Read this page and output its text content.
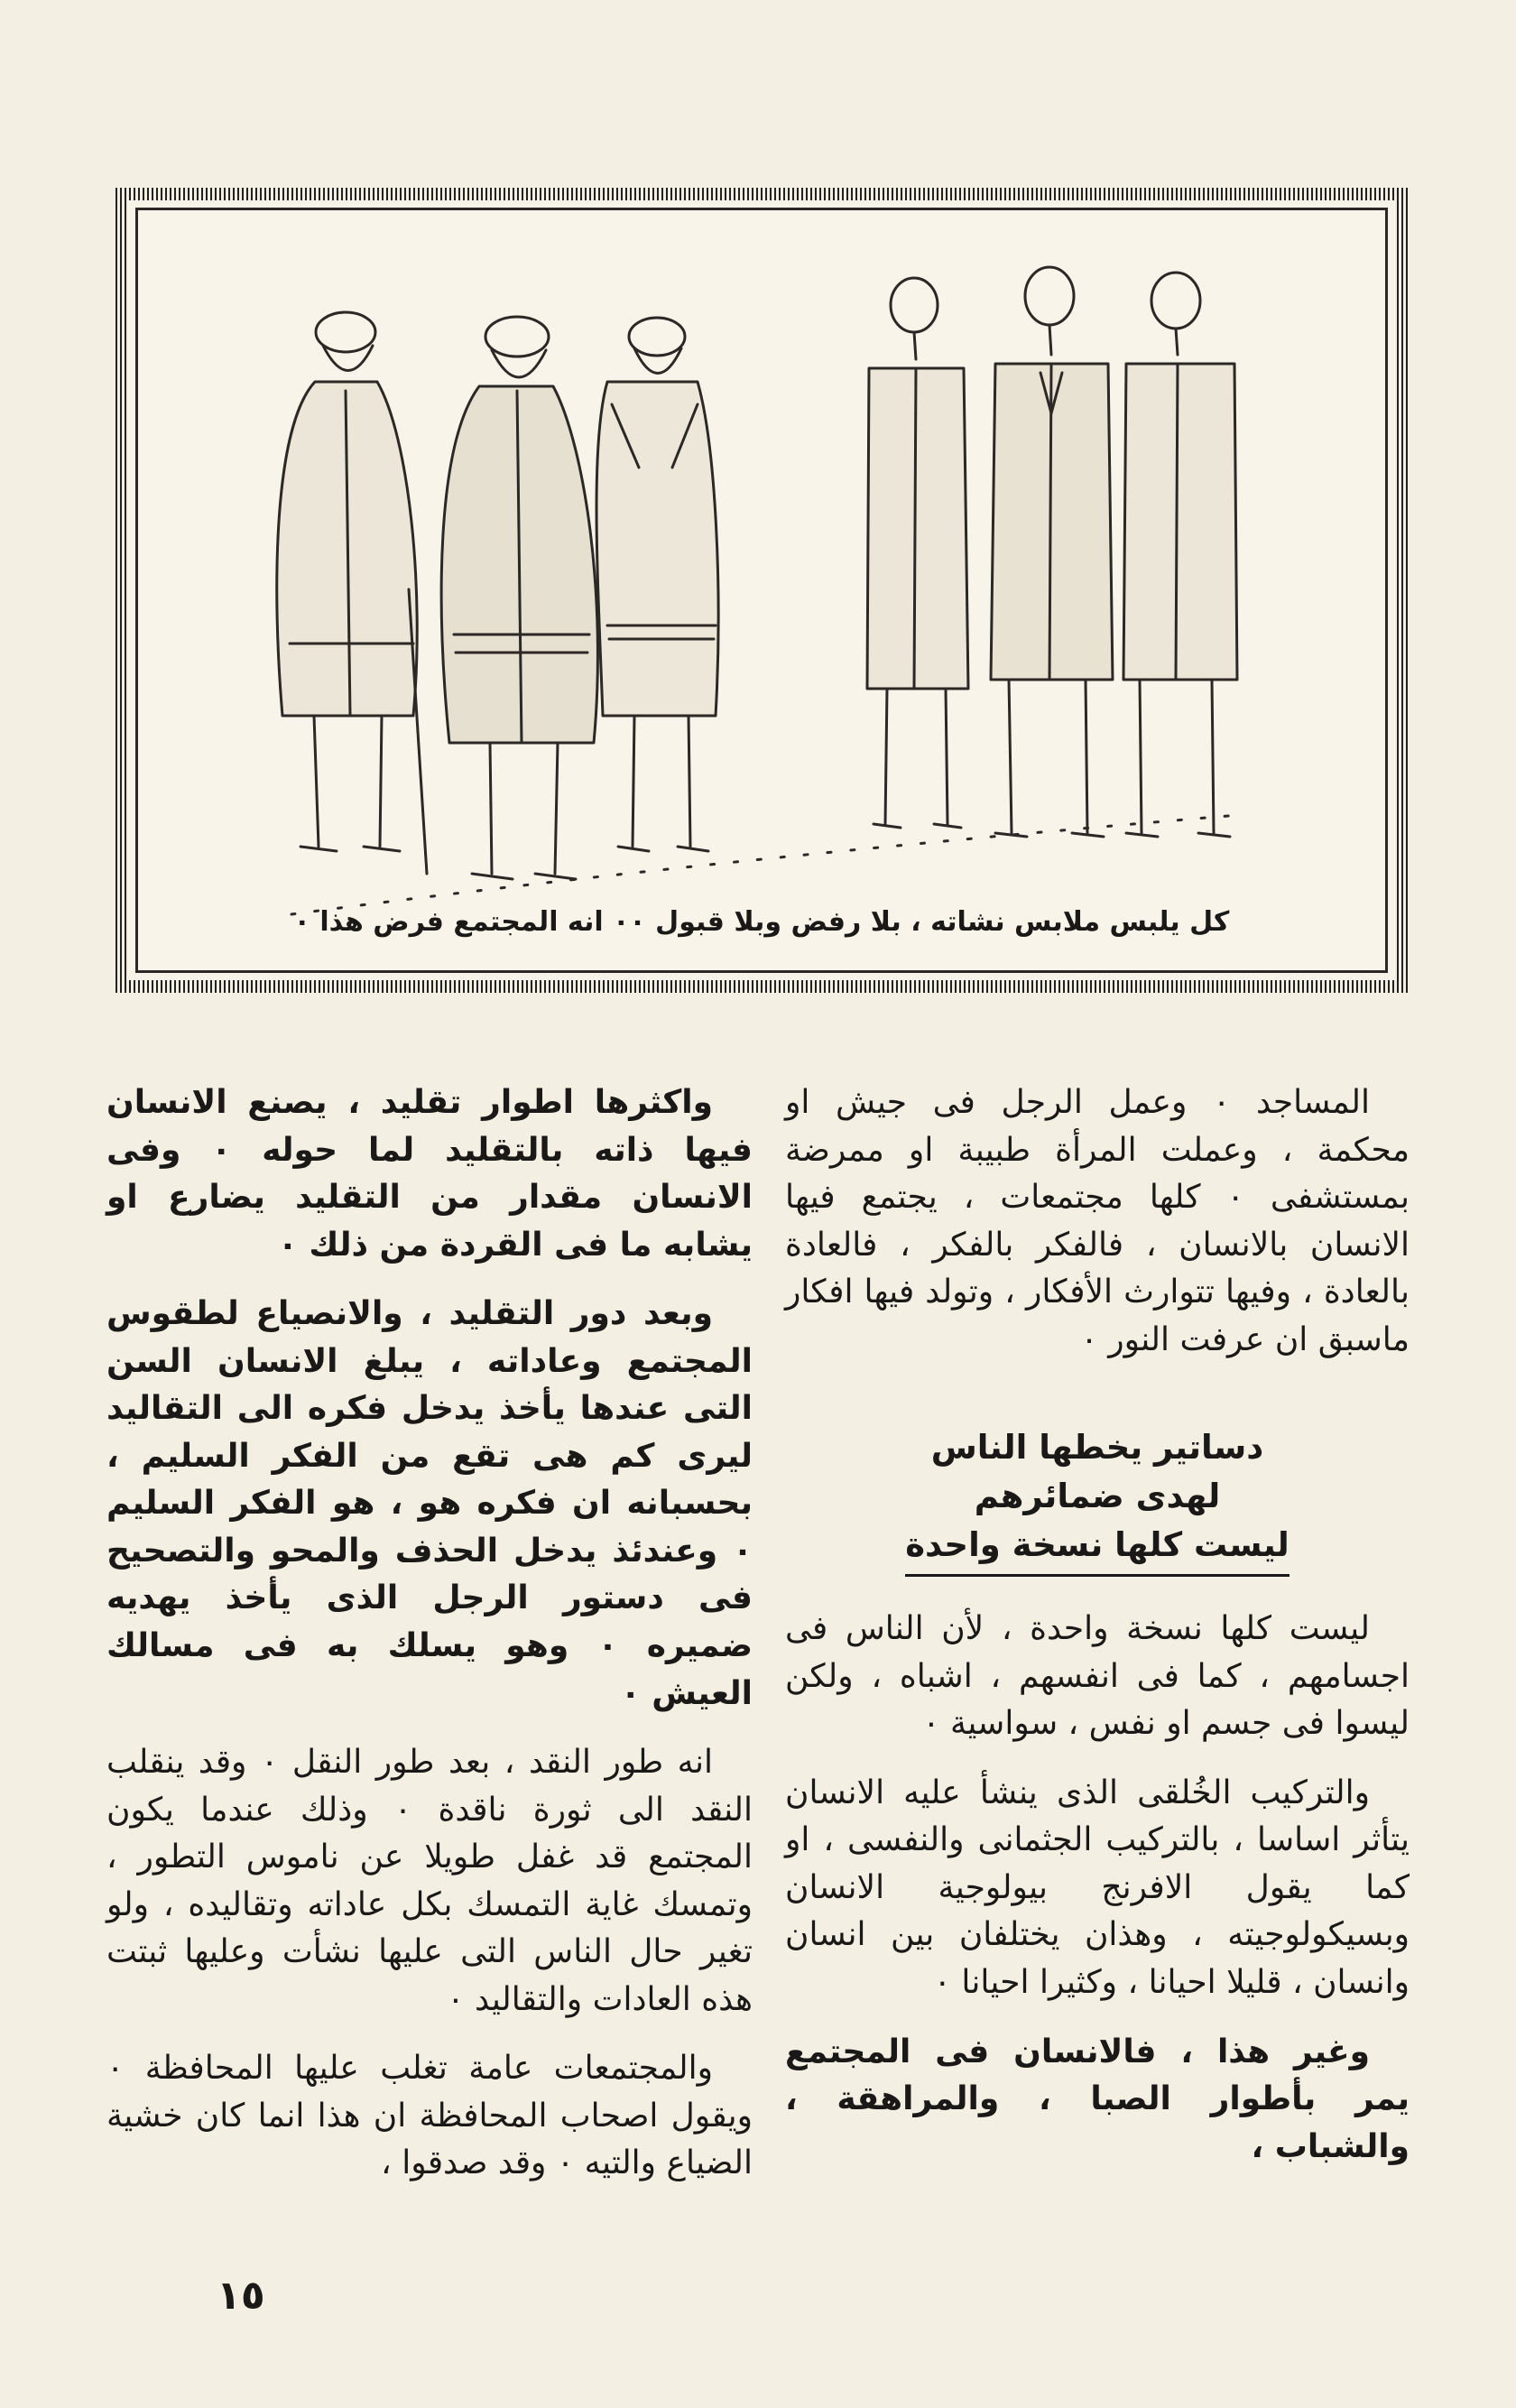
كل يلبس ملابس نشاته ، بلا رفض وبلا قبول ٠٠ انه المجتمع فرض هذا ٠

المساجد ٠ وعمل الرجل فى جيش او محكمة ، وعملت المرأة طبيبة او ممرضة بمستشفى ٠ كلها مجتمعات ، يجتمع فيها الانسان بالانسان ، فالفكر بالفكر ، فالعادة بالعادة ، وفيها تتوارث الأفكار ، وتولد فيها افكار ماسبق ان عرفت النور ٠

دساتير يخطها الناس
لهدى ضمائرهم
ليست كلها نسخة واحدة

ليست كلها نسخة واحدة ، لأن الناس فى اجسامهم ، كما فى انفسهم ، اشباه ، ولكن ليسوا فى جسم او نفس ، سواسية ٠

والتركيب الخُلقى الذى ينشأ عليه الانسان يتأثر اساسا ، بالتركيب الجثمانى والنفسى ، او كما يقول الافرنج بيولوجية الانسان وبسيكولوجيته ، وهذان يختلفان بين انسان وانسان ، قليلا احيانا ، وكثيرا احيانا ٠

وغير هذا ، فالانسان فى المجتمع يمر بأطوار الصبا ، والمراهقة ، والشباب ،

واكثرها اطوار تقليد ، يصنع الانسان فيها ذاته بالتقليد لما حوله ٠ وفى الانسان مقدار من التقليد يضارع او يشابه ما فى القردة من ذلك ٠

وبعد دور التقليد ، والانصياع لطقوس المجتمع وعاداته ، يبلغ الانسان السن التى عندها يأخذ يدخل فكره الى التقاليد ليرى كم هى تقع من الفكر السليم ، بحسبانه ان فكره هو ، هو الفكر السليم ٠ وعندئذ يدخل الحذف والمحو والتصحيح فى دستور الرجل الذى يأخذ يهديه ضميره ٠ وهو يسلك به فى مسالك العيش ٠

انه طور النقد ، بعد طور النقل ٠ وقد ينقلب النقد الى ثورة ناقدة ٠ وذلك عندما يكون المجتمع قد غفل طويلا عن ناموس التطور ، وتمسك غاية التمسك بكل عاداته وتقاليده ، ولو تغير حال الناس التى عليها نشأت وعليها ثبتت هذه العادات والتقاليد ٠

والمجتمعات عامة تغلب عليها المحافظة ٠ ويقول اصحاب المحافظة ان هذا انما كان خشية الضياع والتيه ٠ وقد صدقوا ،

١٥
